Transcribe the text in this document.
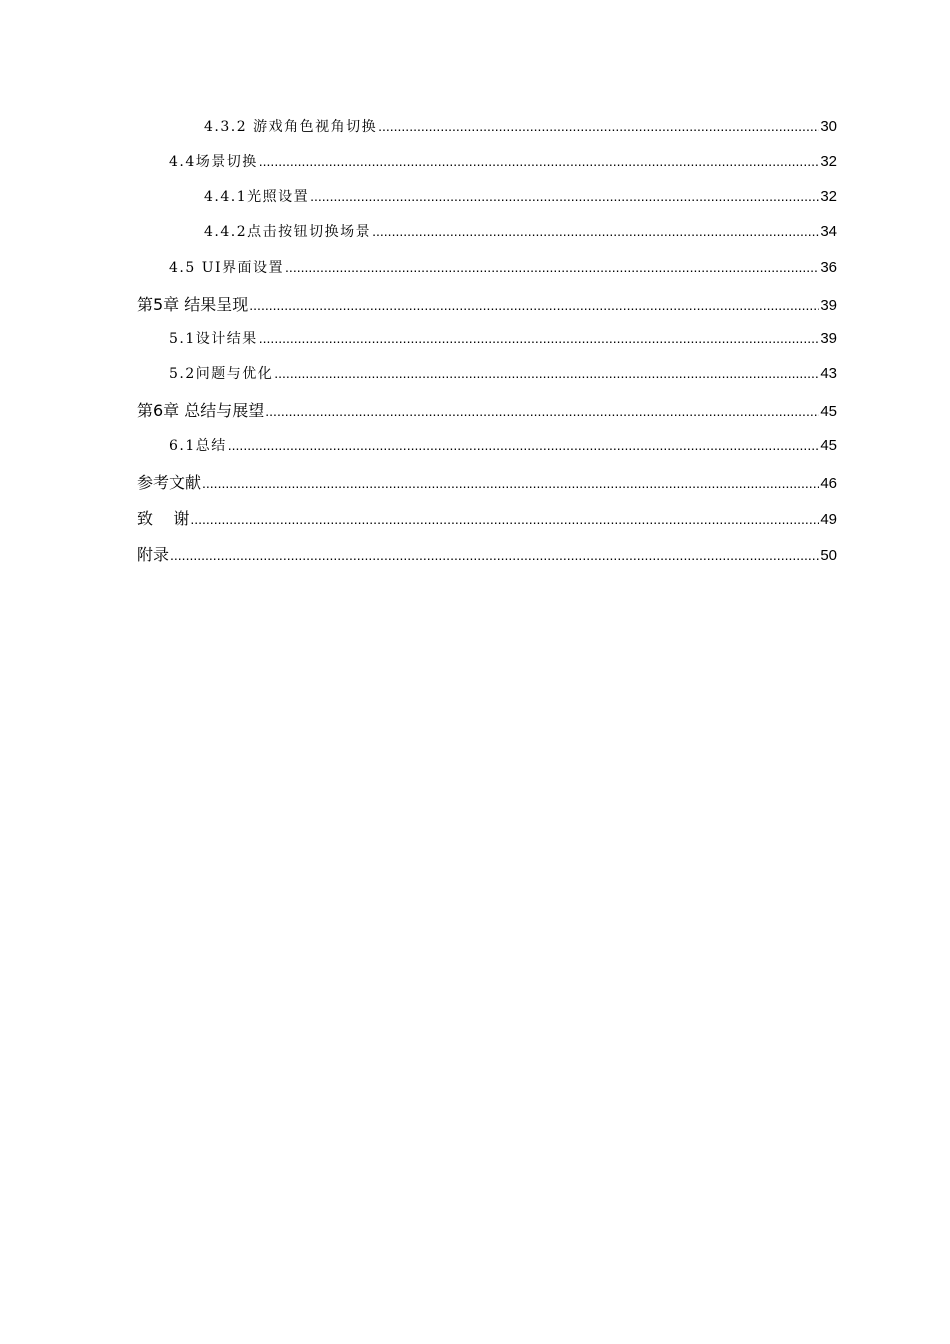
4.3.2 游戏角色视角切换 .....	30
4.4场景切换 .....	32
4.4.1光照设置 .....	32
4.4.2点击按钮切换场景 .....	34
4.5 UI界面设置 .....	36
第5章 结果呈现 .....	39
5.1设计结果 .....	39
5.2问题与优化 .....	43
第6章 总结与展望 .....	45
6.1总结 .....	45
参考文献 .....	46
致    谢 .....	49
附录 .....	50
